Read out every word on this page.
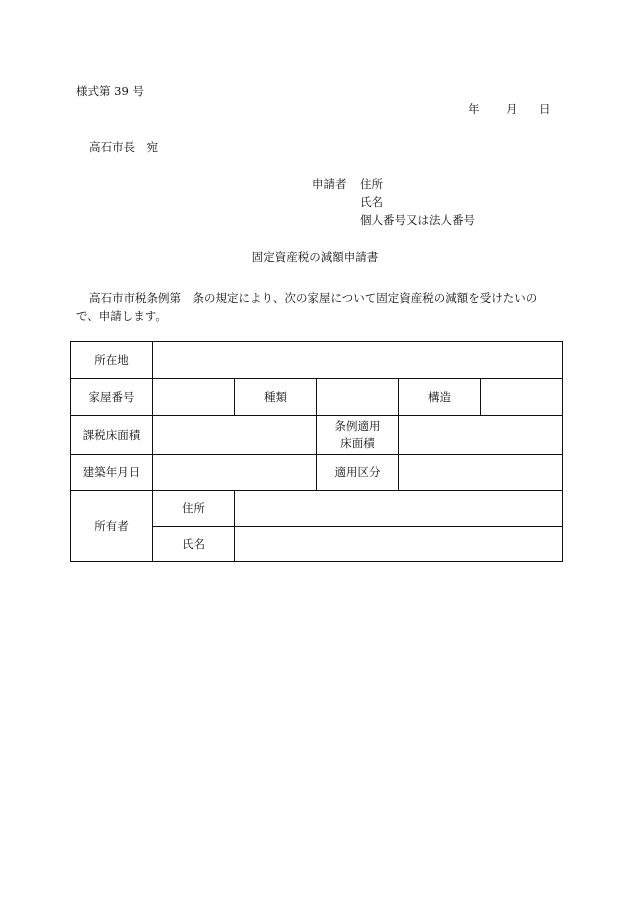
様式第 39 号
年 月 日
高石市長　宛
申請者 住所
氏名
個人番号又は法人番号
固定資産税の減額申請書
高石市市税条例第　条の規定により、次の家屋について固定資産税の減額を受けたいので、申請します。
所在地					
家屋番号		種類		構造	
課税床面積			条例適用
床面積		

建築年月日			適用区分		
所有者	住所				
	氏名				
